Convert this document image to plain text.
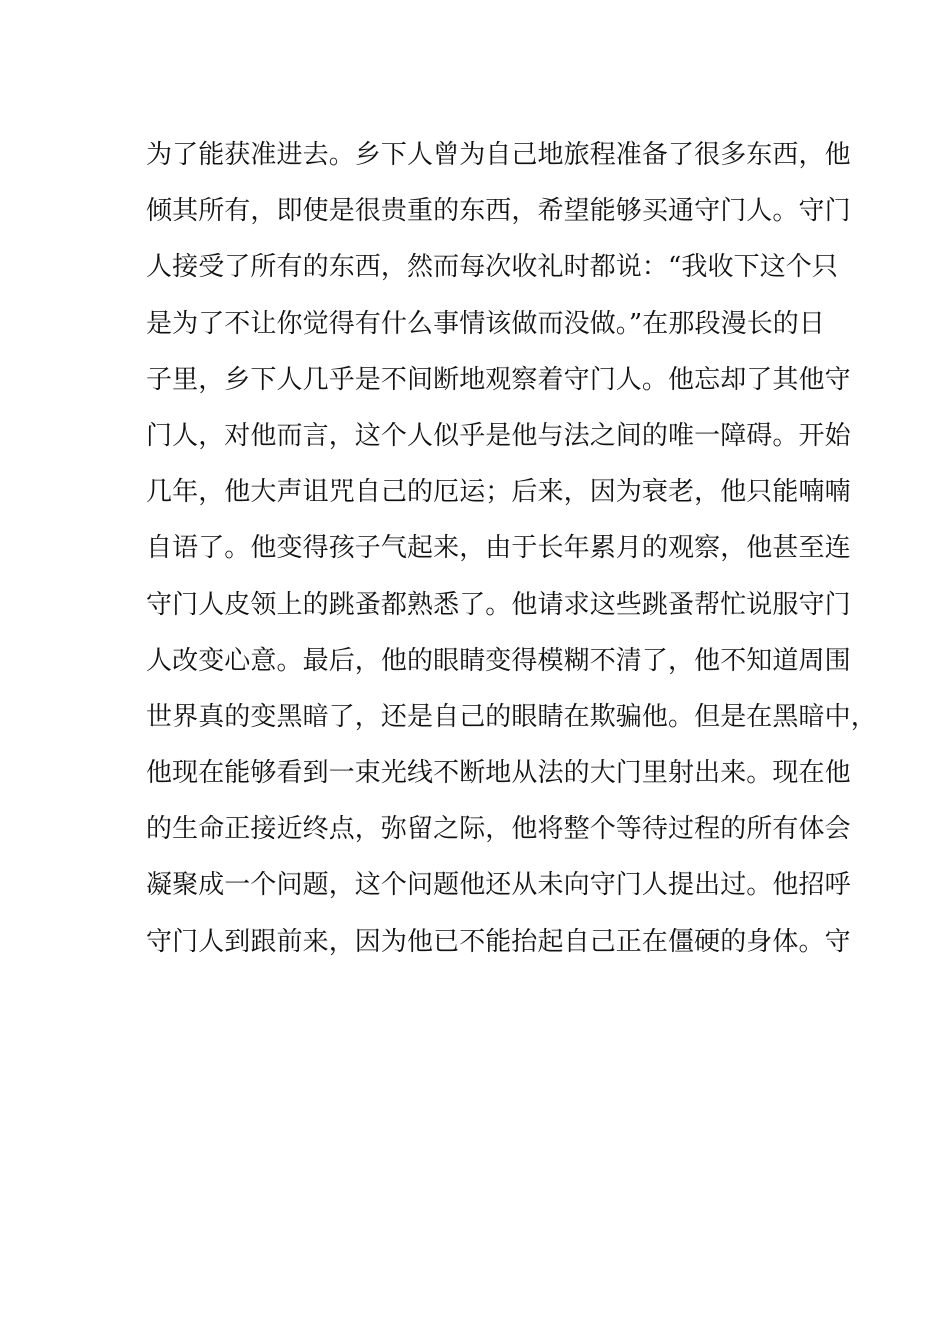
为了能获准进去。乡下人曾为自己地旅程准备了很多东西，他
倾其所有，即使是很贵重的东西，希望能够买通守门人。守门
人接受了所有的东西，然而每次收礼时都说：“我收下这个只
是为了不让你觉得有什么事情该做而没做。”在那段漫长的日
子里，乡下人几乎是不间断地观察着守门人。他忘却了其他守
门人，对他而言，这个人似乎是他与法之间的唯一障碍。开始
几年，他大声诅咒自己的厄运；后来，因为衰老，他只能喃喃
自语了。他变得孩子气起来，由于长年累月的观察，他甚至连
守门人皮领上的跳蚤都熟悉了。他请求这些跳蚤帮忙说服守门
人改变心意。最后，他的眼睛变得模糊不清了，他不知道周围
世界真的变黑暗了，还是自己的眼睛在欺骗他。但是在黑暗中，
他现在能够看到一束光线不断地从法的大门里射出来。现在他
的生命正接近终点，弥留之际，他将整个等待过程的所有体会
凝聚成一个问题，这个问题他还从未向守门人提出过。他招呼
守门人到跟前来，因为他已不能抬起自己正在僵硬的身体。守
